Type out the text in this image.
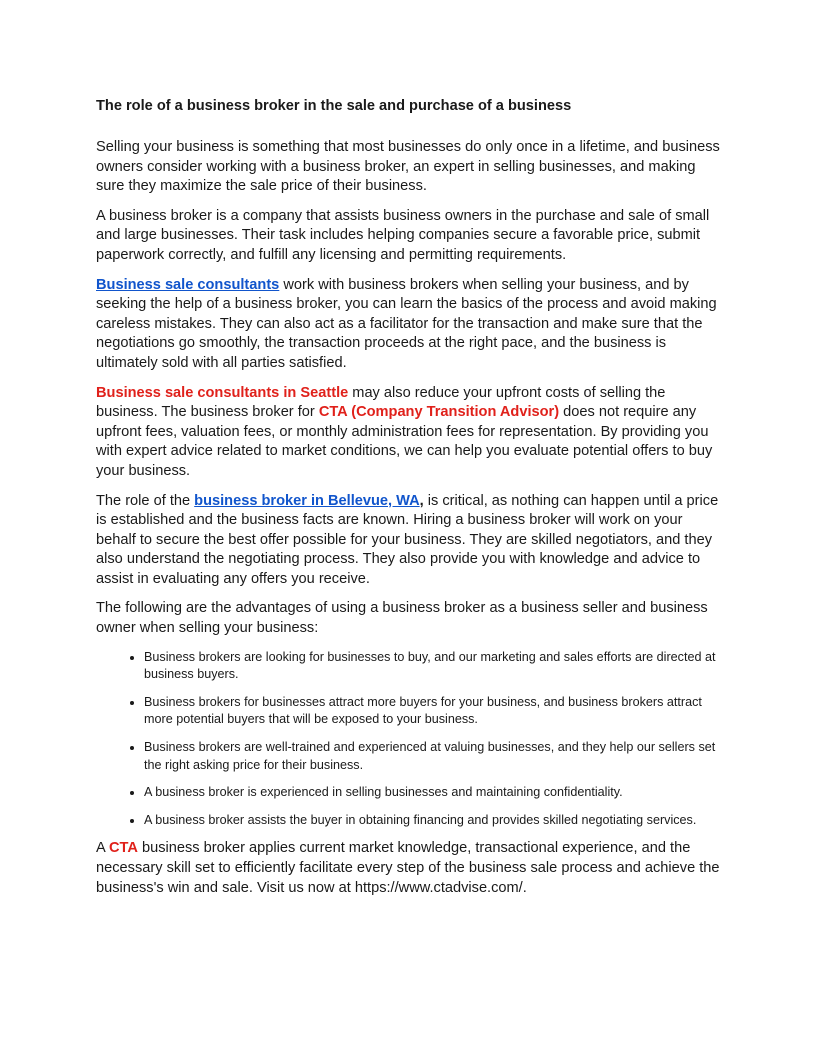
The role of a business broker in the sale and purchase of a business

Selling your business is something that most businesses do only once in a lifetime, and business owners consider working with a business broker, an expert in selling businesses, and making sure they maximize the sale price of their business.

A business broker is a company that assists business owners in the purchase and sale of small and large businesses. Their task includes helping companies secure a favorable price, submit paperwork correctly, and fulfill any licensing and permitting requirements.

Business sale consultants work with business brokers when selling your business, and by seeking the help of a business broker, you can learn the basics of the process and avoid making careless mistakes. They can also act as a facilitator for the transaction and make sure that the negotiations go smoothly, the transaction proceeds at the right pace, and the business is ultimately sold with all parties satisfied.

Business sale consultants in Seattle may also reduce your upfront costs of selling the business. The business broker for CTA (Company Transition Advisor) does not require any upfront fees, valuation fees, or monthly administration fees for representation. By providing you with expert advice related to market conditions, we can help you evaluate potential offers to buy your business.

The role of the business broker in Bellevue, WA, is critical, as nothing can happen until a price is established and the business facts are known. Hiring a business broker will work on your behalf to secure the best offer possible for your business. They are skilled negotiators, and they also understand the negotiating process. They also provide you with knowledge and advice to assist in evaluating any offers you receive.

The following are the advantages of using a business broker as a business seller and business owner when selling your business:

• Business brokers are looking for businesses to buy, and our marketing and sales efforts are directed at business buyers.
• Business brokers for businesses attract more buyers for your business, and business brokers attract more potential buyers that will be exposed to your business.
• Business brokers are well-trained and experienced at valuing businesses, and they help our sellers set the right asking price for their business.
• A business broker is experienced in selling businesses and maintaining confidentiality.
• A business broker assists the buyer in obtaining financing and provides skilled negotiating services.

A CTA business broker applies current market knowledge, transactional experience, and the necessary skill set to efficiently facilitate every step of the business sale process and achieve the business's win and sale. Visit us now at https://www.ctadvise.com/.
